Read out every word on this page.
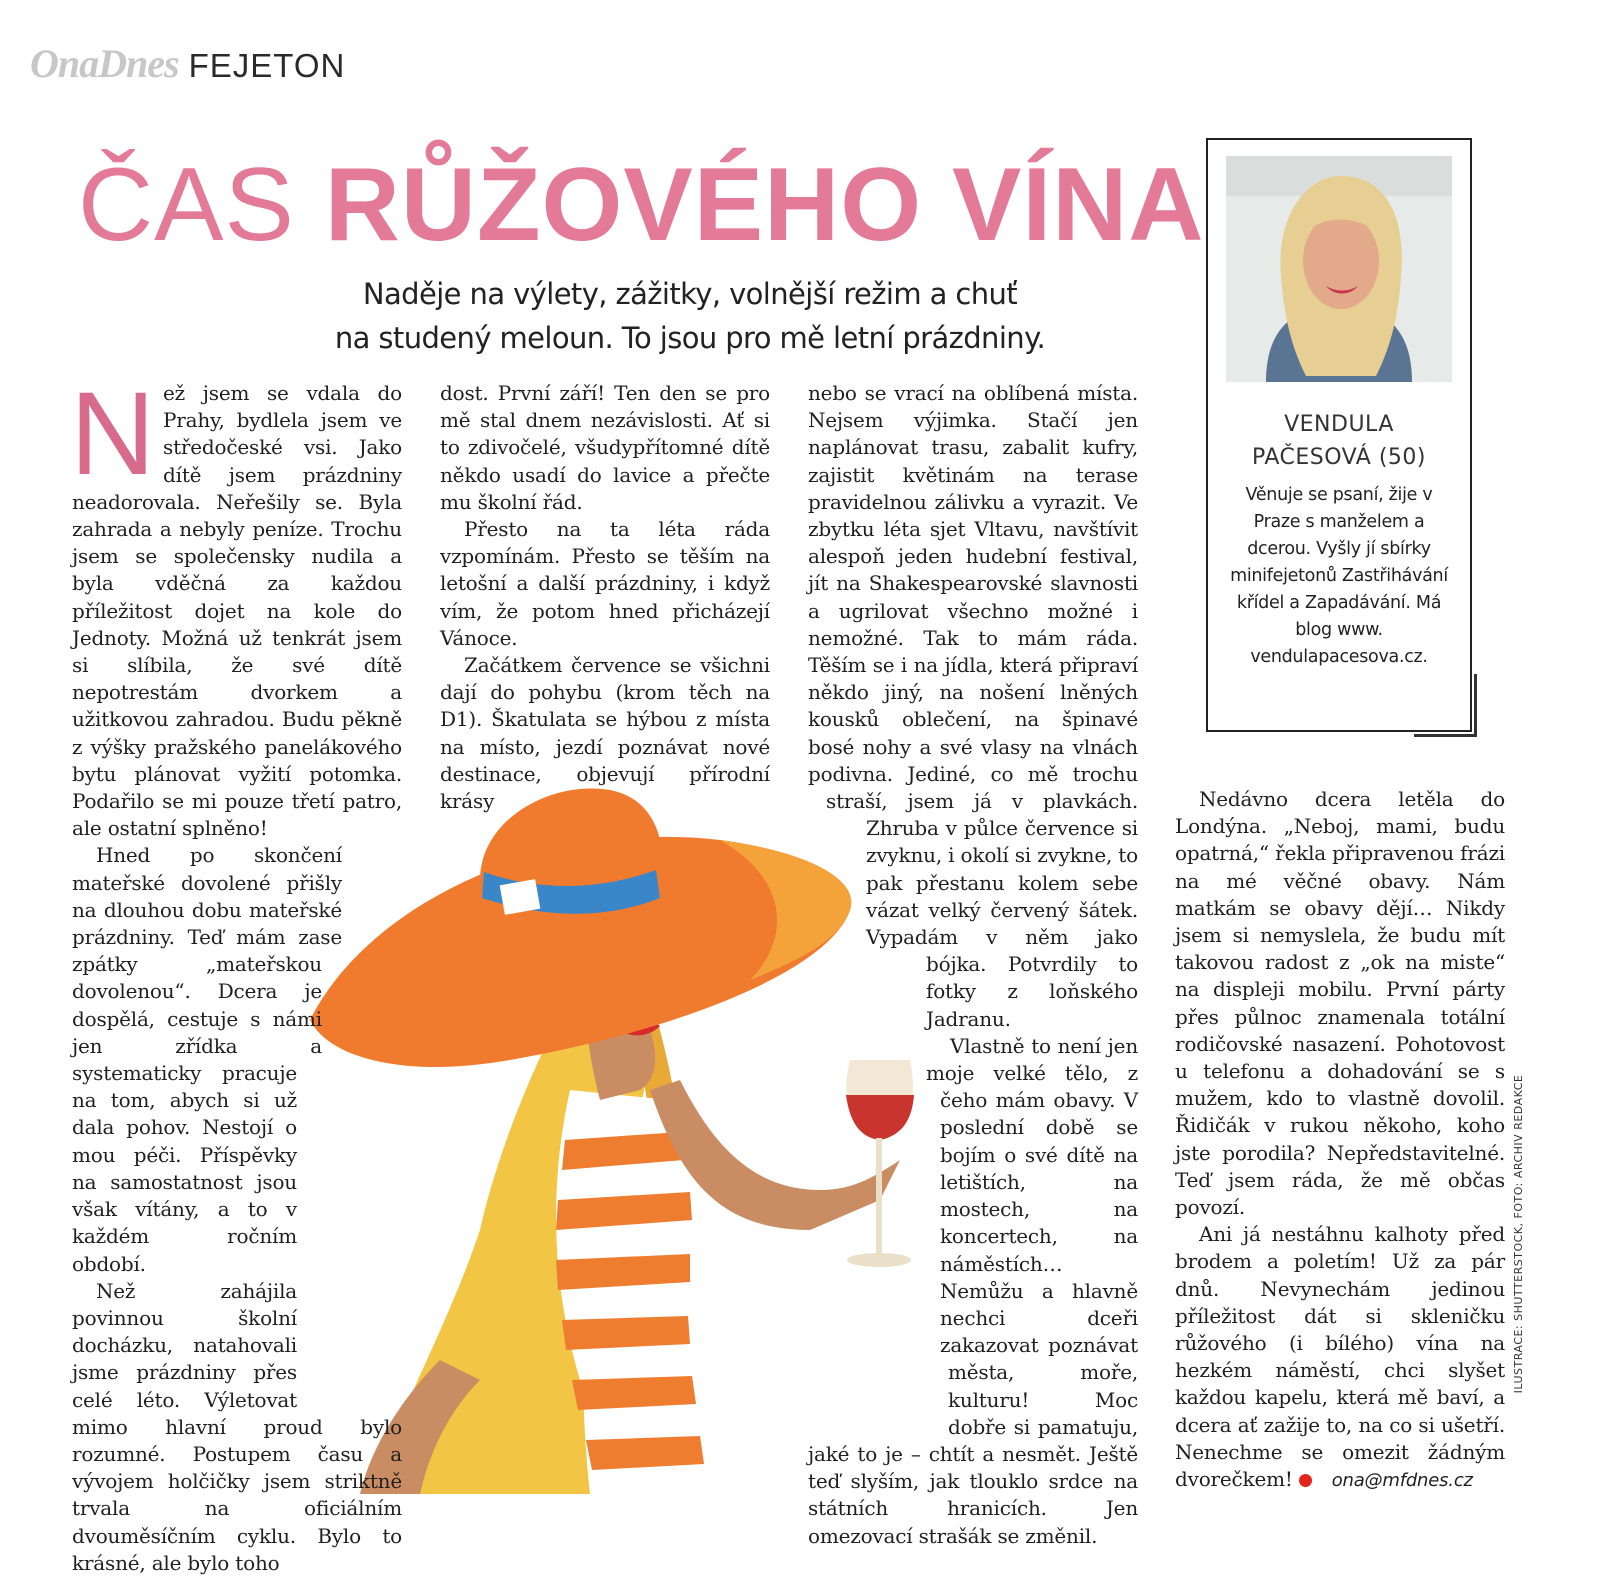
OnaDnes FEJETON
ČAS RŮŽOVÉHO VÍNA
Naděje na výlety, zážitky, volnější režim a chuť
na studený meloun. To jsou pro mě letní prázdniny.
N ež jsem se vdala do Prahy, bydlela jsem ve středočeské vsi. Jako dítě jsem prázdniny neadorovala. Neřešily se. Byla zahrada a nebyly peníze. Trochu jsem se společensky nudila a byla vděčná za každou příležitost dojet na kole do Jednoty. Možná už tenkrát jsem si slíbila, že své dítě nepotrestám dvorkem a užitkovou zahradou. Budu pěkně z výšky pražského panelákového bytu plánovat vyžití potomka. Podařilo se mi pouze třetí patro, ale ostatní splněno!

Hned po skončení mateřské dovolené přišly na dlouhou dobu mateřské prázdniny. Teď mám zase zpátky „mateřskou dovolenou“. Dcera je dospělá, cestuje s námi jen zřídka a systematicky pracuje na tom, abych si už dala pohov. Nestojí o mou péči. Příspěvky na samostatnost jsou však vítány, a to v každém ročním období.

Než zahájila povinnou školní docházku, natahovali jsme prázdniny přes celé léto. Výletovat mimo hlavní proud bylo rozumné. Postupem času a vývojem holčičky jsem striktně trvala na oficiálním dvouměsíčním cyklu. Bylo to krásné, ale bylo toho

dost. První září! Ten den se pro mě stal dnem nezávislosti. Ať si to zdivočelé, všudypřítomné dítě někdo usadí do lavice a přečte mu školní řád.

Přesto na ta léta ráda vzpomínám. Přesto se těším na letošní a další prázdniny, i když vím, že potom hned přicházejí Vánoce.

Začátkem července se všichni dají do pohybu (krom těch na D1). Škatulata se hýbou z místa na místo, jezdí poznávat nové destinace, objevují přírodní krásy

nebo se vrací na oblíbená místa. Nejsem výjimka. Stačí jen naplánovat trasu, zabalit kufry, zajistit květinám na terase pravidelnou zálivku a vyrazit. Ve zbytku léta sjet Vltavu, navštívit alespoň jeden hudební festival, jít na Shakespearovské slavnosti a ugrilovat všechno možné i nemožné. Tak to mám ráda. Těším se i na jídla, která připraví někdo jiný, na nošení lněných kousků oblečení, na špinavé bosé nohy a své vlasy na vlnách podivna. Jediné, co mě trochu straší, jsem já v plavkách. Zhruba v půlce července si zvyknu, i okolí si zvykne, to pak přestanu kolem sebe vázat velký červený šátek. Vypadám v něm jako bójka. Potvrdily to fotky z loňského Jadranu.

Vlastně to není jen moje velké tělo, z čeho mám obavy. V poslední době se bojím o své dítě na letištích, na mostech, na koncertech, na náměstích… Nemůžu a hlavně nechci dceři zakazovat poznávat města, moře, kulturu! Moc dobře si pamatuju, jaké to je – chtít a nesmět. Ještě teď slyším, jak tlouklo srdce na státních hranicích. Jen omezovací strašák se změnil.

Nedávno dcera letěla do Londýna. „Neboj, mami, budu opatrná,“ řekla připravenou frázi na mé věčné obavy. Nám matkám se obavy dějí… Nikdy jsem si nemyslela, že budu mít takovou radost z „ok na miste“ na displeji mobilu. První párty přes půlnoc znamenala totální rodičovské nasazení. Pohotovost u telefonu a dohadování se s mužem, kdo to vlastně dovolil. Řidičák v rukou někoho, koho jste porodila? Nepředstavitelné. Teď jsem ráda, že mě občas povozí.

Ani já nestáhnu kalhoty před brodem a poletím! Už za pár dnů. Nevynechám jedinou příležitost dát si skleničku růžového (i bílého) vína na hezkém náměstí, chci slyšet každou kapelu, která mě baví, a dcera ať zažije to, na co si ušetří. Nenechme se omezit žádným dvorečkem! ona@mfdnes.cz

VENDULA
PAČESOVÁ (50)
Věnuje se psaní, žije v Praze s manželem a dcerou. Vyšly jí sbírky minifejetonů Zastřihávání křídel a Zapadávání. Má blog www. vendulapacesova.cz.
ILUSTRACE: SHUTTERSTOCK, FOTO: ARCHIV REDAKCE
